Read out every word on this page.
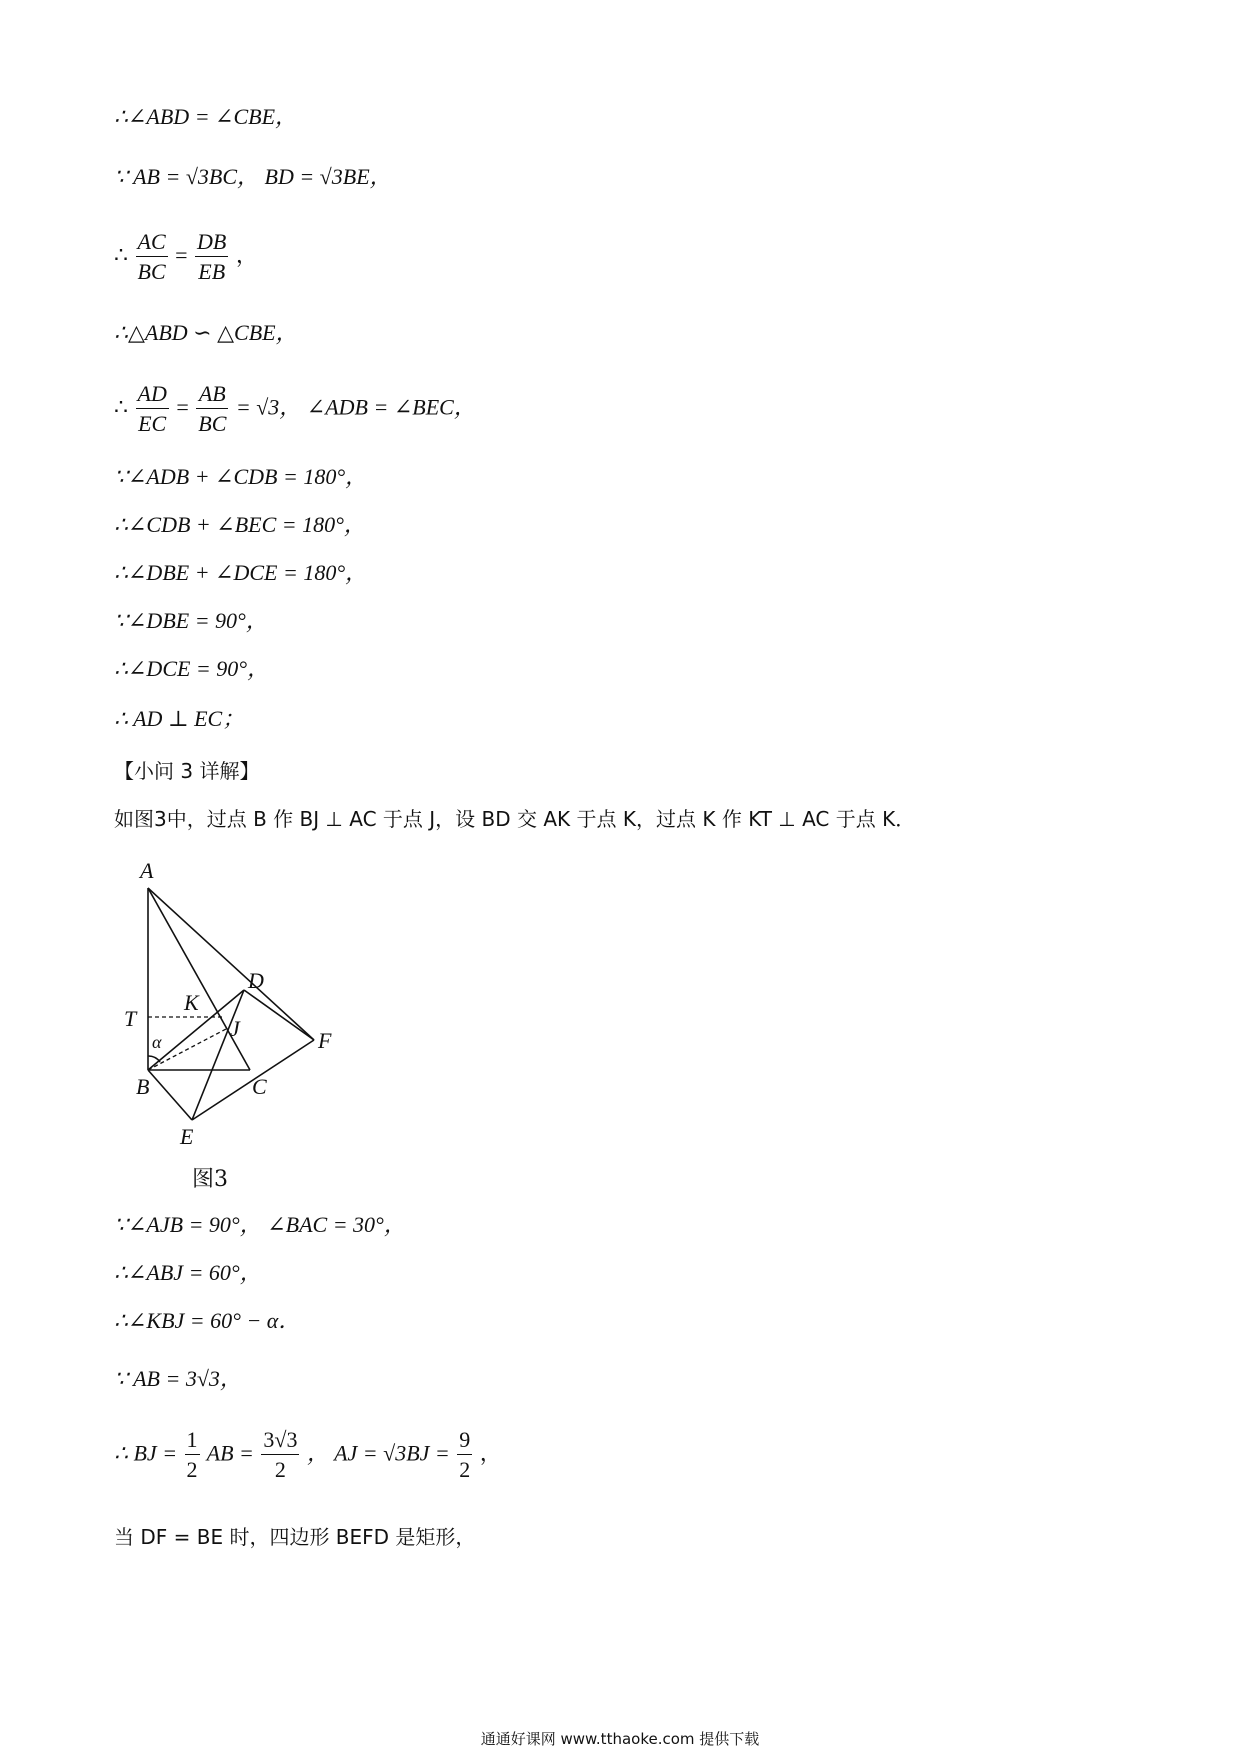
∴∠ABD = ∠CBE，
∵ AB = √3BC， BD = √3BE，
∴ $\frac{AC}{BC} = \frac{DB}{EB}$ ，
∴△ABD ∽ △CBE，
∴ $\frac{AD}{EC} = \frac{AB}{BC} = √3$， ∠ADB = ∠BEC，
∵∠ADB + ∠CDB = 180°，
∴∠CDB + ∠BEC = 180°，
∴∠DBE + ∠DCE = 180°，
∵∠DBE = 90°，
∴∠DCE = 90°，
∴ AD ⊥ EC；
【小问 3 详解】
如图3中，过点 B 作 BJ ⊥ AC 于点 J，设 BD 交 AK 于点 K，过点 K 作 KT ⊥ AC 于点 K．
A
D
K
T	J	F
α
B	C
E
图3
∵∠AJB = 90°， ∠BAC = 30°，
∴∠ABJ = 60°，
∴∠KBJ = 60° − α．
∵ AB = 3√3，
∴ BJ = $\frac{1}{2}$ AB = $\frac{3√3}{2}$ ， AJ = $√3BJ = \frac{9}{2}$ ，
当 DF = BE 时，四边形 BEFD 是矩形，
通通好课网 www.tthaoke.com 提供下载
